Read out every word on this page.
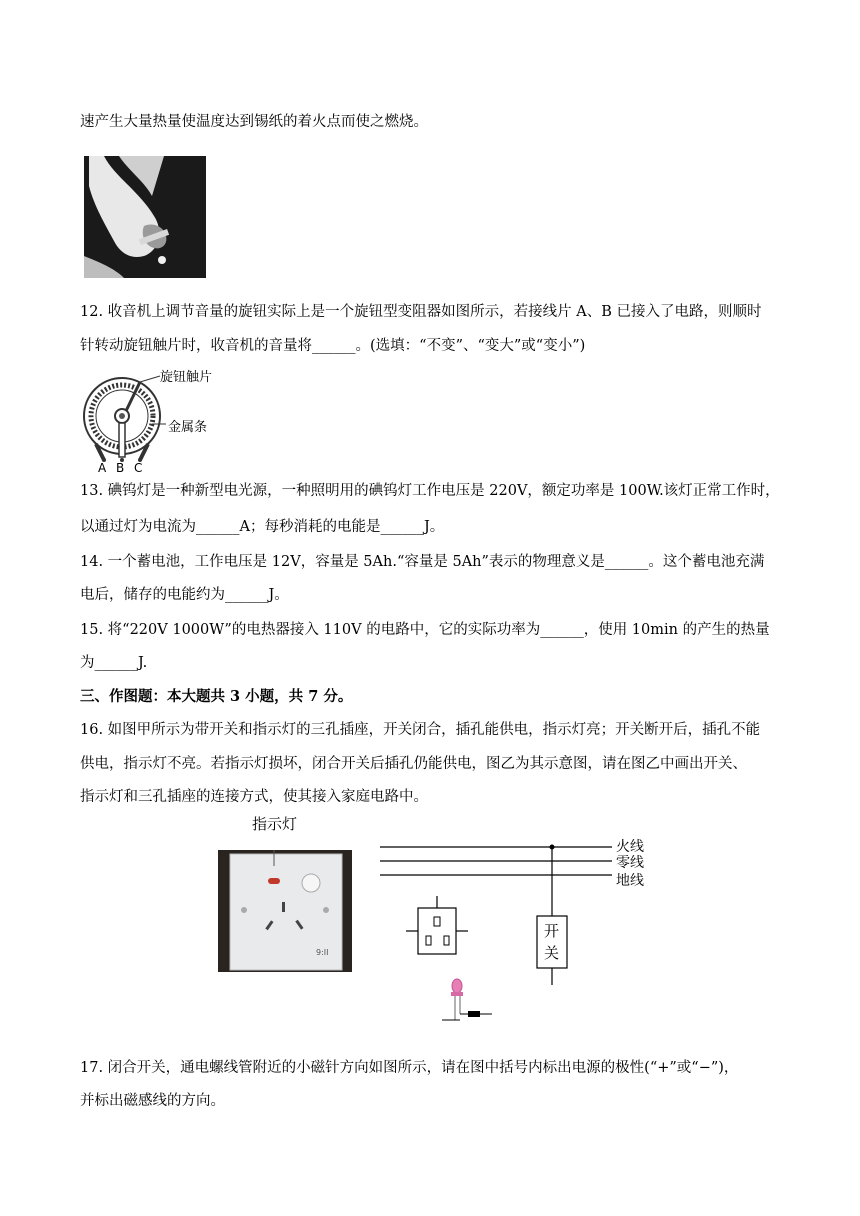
速产生大量热量使温度达到锡纸的着火点而使之燃烧。
12. 收音机上调节音量的旋钮实际上是一个旋钮型变阻器如图所示，若接线片 A、B 已接入了电路，则顺时
针转动旋钮触片时，收音机的音量将______。(选填：“不变”、“变大”或“变小”)
旋钮触片
金属条
A B C
13. 碘钨灯是一种新型电光源，一种照明用的碘钨灯工作电压是 220V，额定功率是 100W.该灯正常工作时，
以通过灯为电流为______A；每秒消耗的电能是______J。
14. 一个蓄电池，工作电压是 12V，容量是 5Ah.“容量是 5Ah”表示的物理意义是______。这个蓄电池充满
电后，储存的电能约为______J。
15. 将“220V 1000W”的电热器接入 110V 的电路中，它的实际功率为______，使用 10min 的产生的热量
为______J.
三、作图题：本大题共 3 小题，共 7 分。
16. 如图甲所示为带开关和指示灯的三孔插座，开关闭合，插孔能供电，指示灯亮；开关断开后，插孔不能
供电，指示灯不亮。若指示灯损坏，闭合开关后插孔仍能供电，图乙为其示意图，请在图乙中画出开关、
指示灯和三孔插座的连接方式，使其接入家庭电路中。
指示灯
9:II
火线
零线
地线
开
关
17. 闭合开关，通电螺线管附近的小磁针方向如图所示，请在图中括号内标出电源的极性(“+”或“−”)，
并标出磁感线的方向。
